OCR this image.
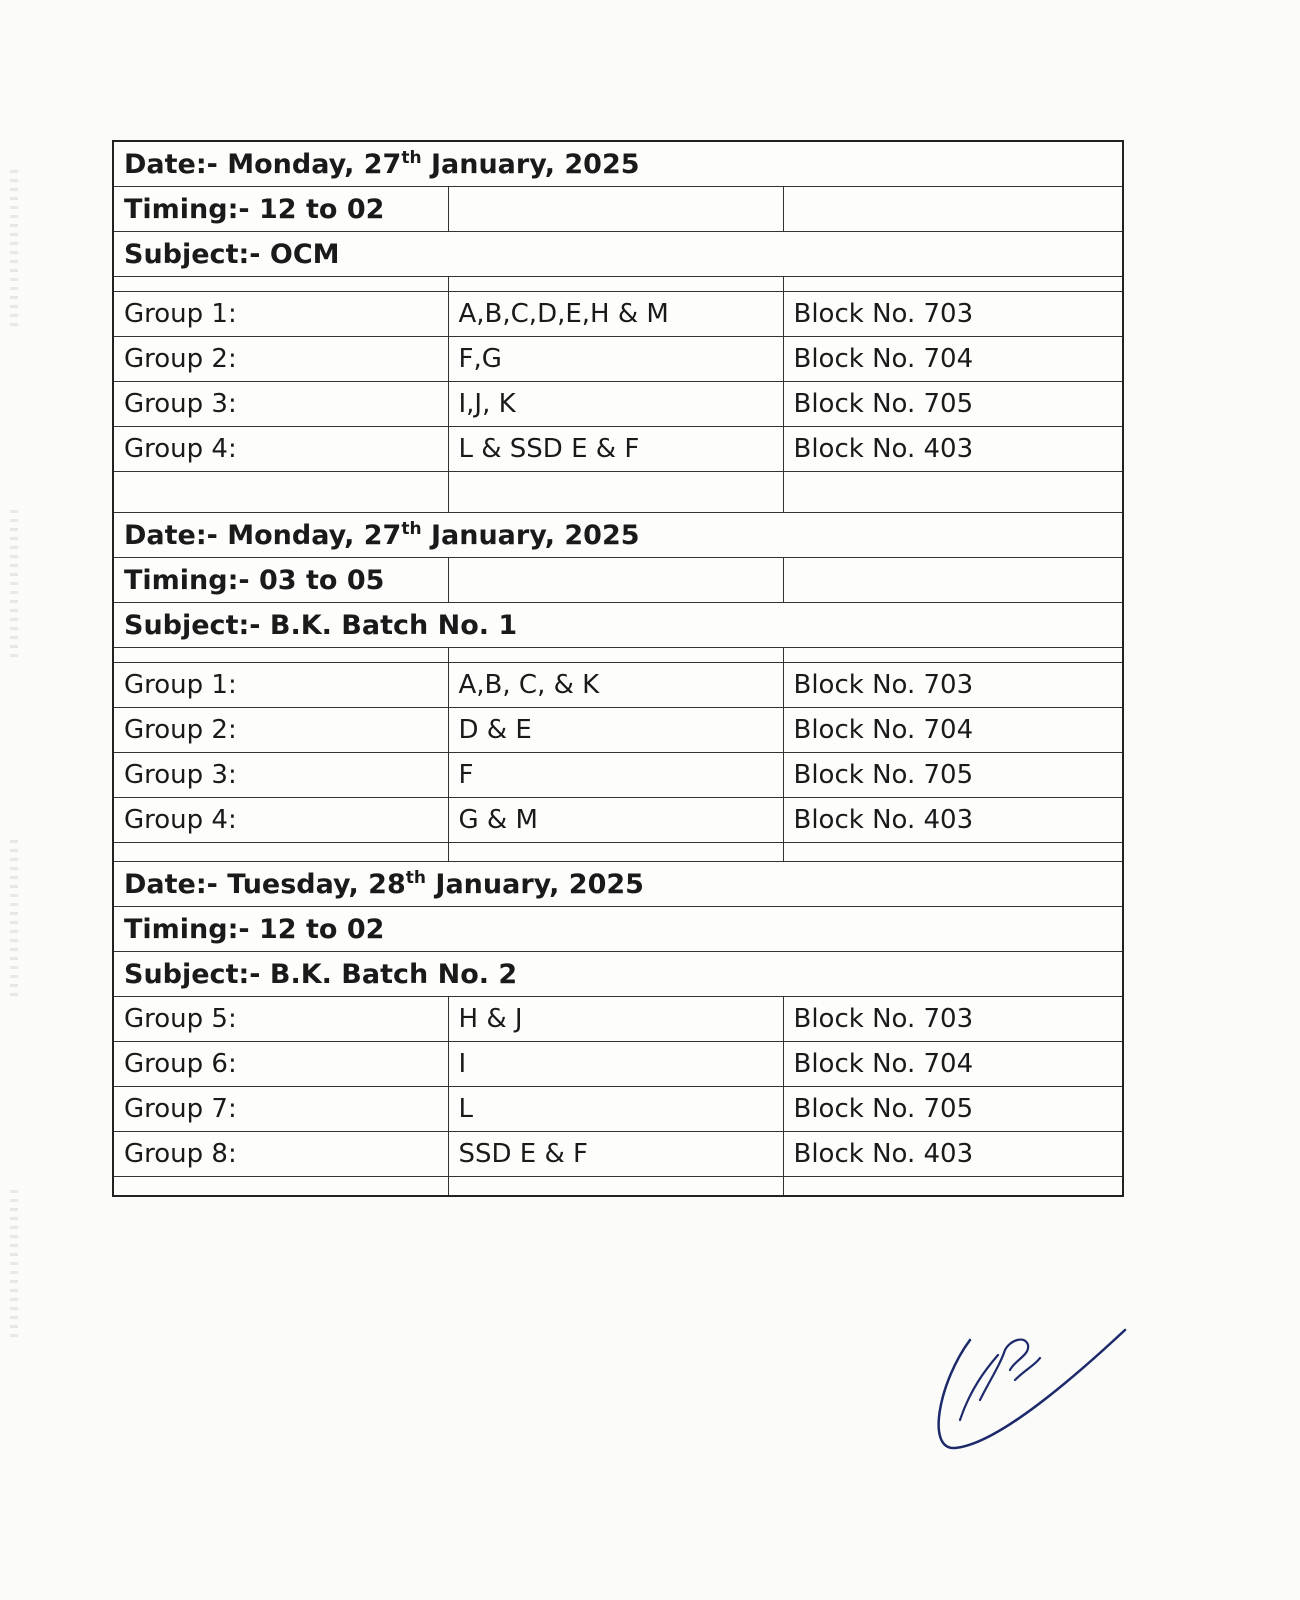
Date:- Monday, 27th January, 2025		
Timing:- 12 to 02		
Subject:- OCM		

Group 1:	A,B,C,D,E,H & M	Block No. 703
Group 2:	F,G	Block No. 704
Group 3:	I,J, K	Block No. 705
Group 4:	L & SSD E & F	Block No. 403

Date:- Monday, 27th January, 2025		
Timing:- 03 to 05		
Subject:- B.K. Batch No. 1		

Group 1:	A,B, C, & K	Block No. 703
Group 2:	D & E	Block No. 704
Group 3:	F	Block No. 705
Group 4:	G & M	Block No. 403

Date:- Tuesday, 28th January, 2025		
Timing:- 12 to 02		
Subject:- B.K. Batch No. 2		
Group 5:	H & J	Block No. 703
Group 6:	I	Block No. 704
Group 7:	L	Block No. 705
Group 8:	SSD E & F	Block No. 403
